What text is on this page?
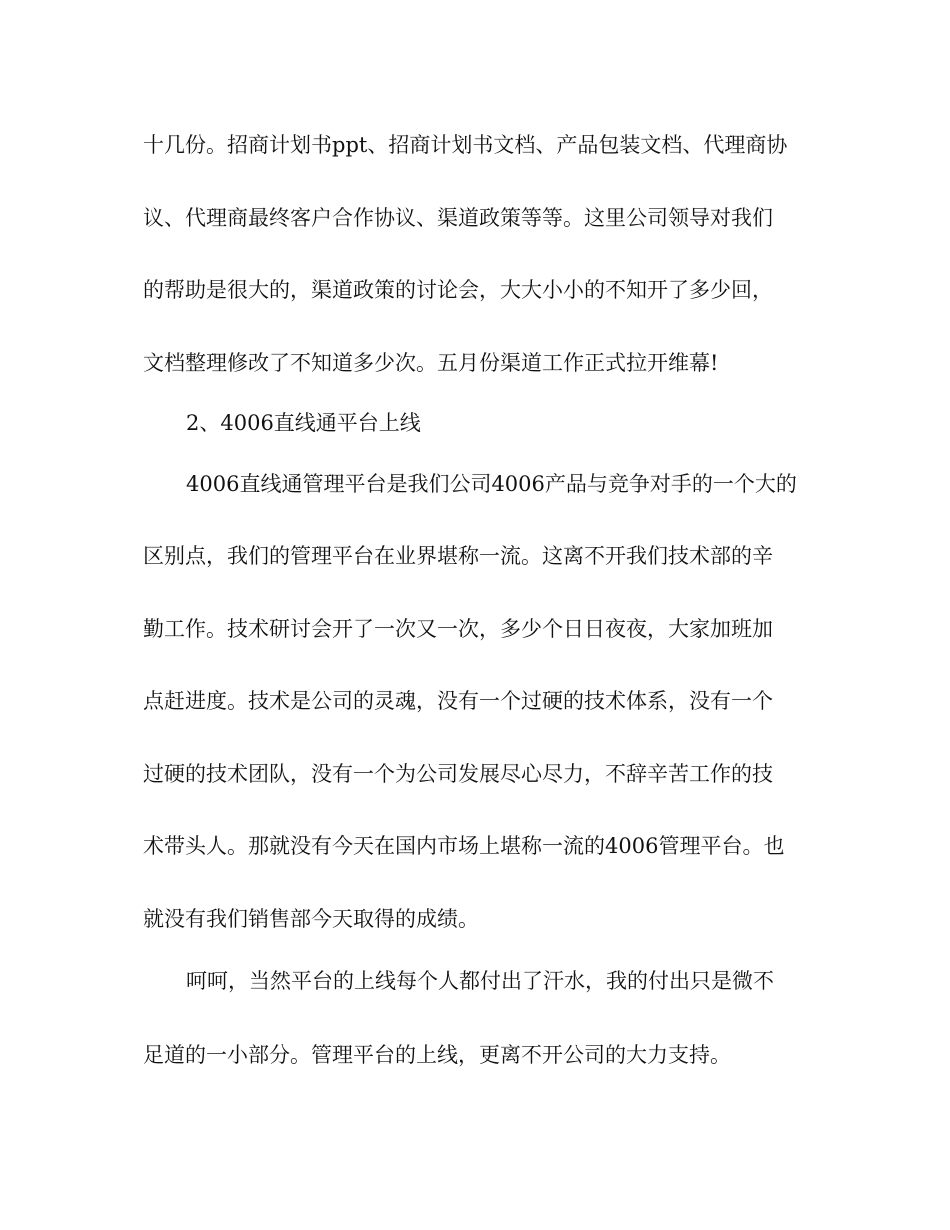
十几份。招商计划书ppt、招商计划书文档、产品包装文档、代理商协
议、代理商最终客户合作协议、渠道政策等等。这里公司领导对我们
的帮助是很大的，渠道政策的讨论会，大大小小的不知开了多少回，
文档整理修改了不知道多少次。五月份渠道工作正式拉开维幕!
2、4006直线通平台上线
4006直线通管理平台是我们公司4006产品与竞争对手的一个大的
区别点，我们的管理平台在业界堪称一流。这离不开我们技术部的辛
勤工作。技术研讨会开了一次又一次，多少个日日夜夜，大家加班加
点赶进度。技术是公司的灵魂，没有一个过硬的技术体系，没有一个
过硬的技术团队，没有一个为公司发展尽心尽力，不辞辛苦工作的技
术带头人。那就没有今天在国内市场上堪称一流的4006管理平台。也
就没有我们销售部今天取得的成绩。
呵呵，当然平台的上线每个人都付出了汗水，我的付出只是微不
足道的一小部分。管理平台的上线，更离不开公司的大力支持。
